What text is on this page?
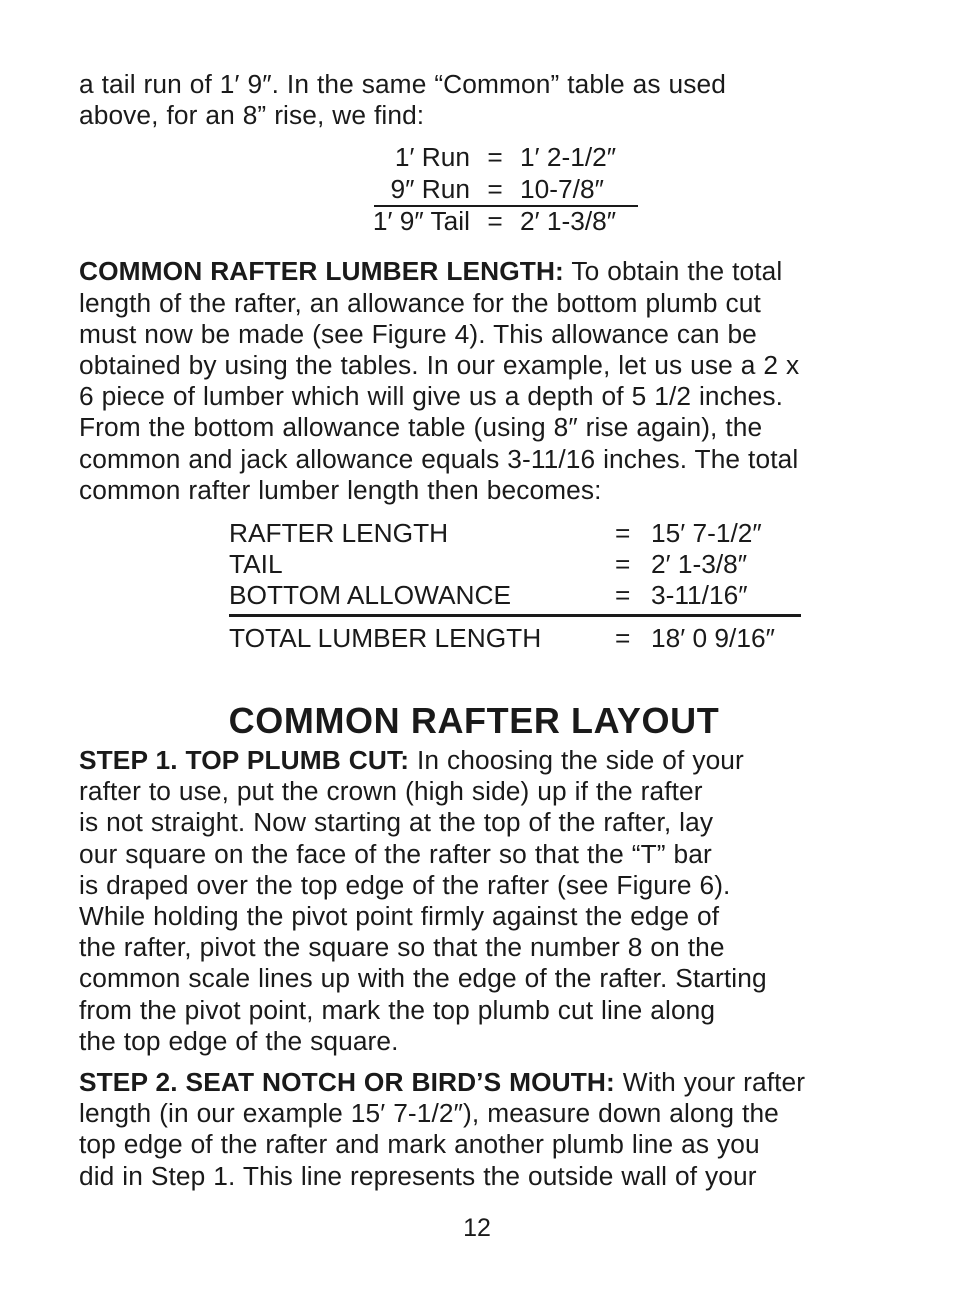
a tail run of 1′ 9″. In the same “Common” table as used
above, for an 8” rise, we find:

1′ Run = 1′ 2-1/2″
9″ Run = 10-7/8″
1′ 9″ Tail = 2′ 1-3/8″

COMMON RAFTER LUMBER LENGTH: To obtain the total
length of the rafter, an allowance for the bottom plumb cut
must now be made (see Figure 4). This allowance can be
obtained by using the tables. In our example, let us use a 2 x
6 piece of lumber which will give us a depth of 5 1/2 inches.
From the bottom allowance table (using 8″ rise again), the
common and jack allowance equals 3-11/16 inches. The total
common rafter lumber length then becomes:

RAFTER LENGTH	= 15′ 7-1/2″
TAIL	= 2′ 1-3/8″
BOTTOM ALLOWANCE	= 3-11/16″
TOTAL LUMBER LENGTH	= 18′ 0 9/16″
COMMON RAFTER LAYOUT

STEP 1. TOP PLUMB CUT: In choosing the side of your
rafter to use, put the crown (high side) up if the rafter
is not straight. Now starting at the top of the rafter, lay
our square on the face of the rafter so that the “T” bar
is draped over the top edge of the rafter (see Figure 6).
While holding the pivot point firmly against the edge of
the rafter, pivot the square so that the number 8 on the
common scale lines up with the edge of the rafter. Starting
from the pivot point, mark the top plumb cut line along
the top edge of the square.

STEP 2. SEAT NOTCH OR BIRD’S MOUTH: With your rafter
length (in our example 15′ 7-1/2″), measure down along the
top edge of the rafter and mark another plumb line as you
did in Step 1. This line represents the outside wall of your

12
